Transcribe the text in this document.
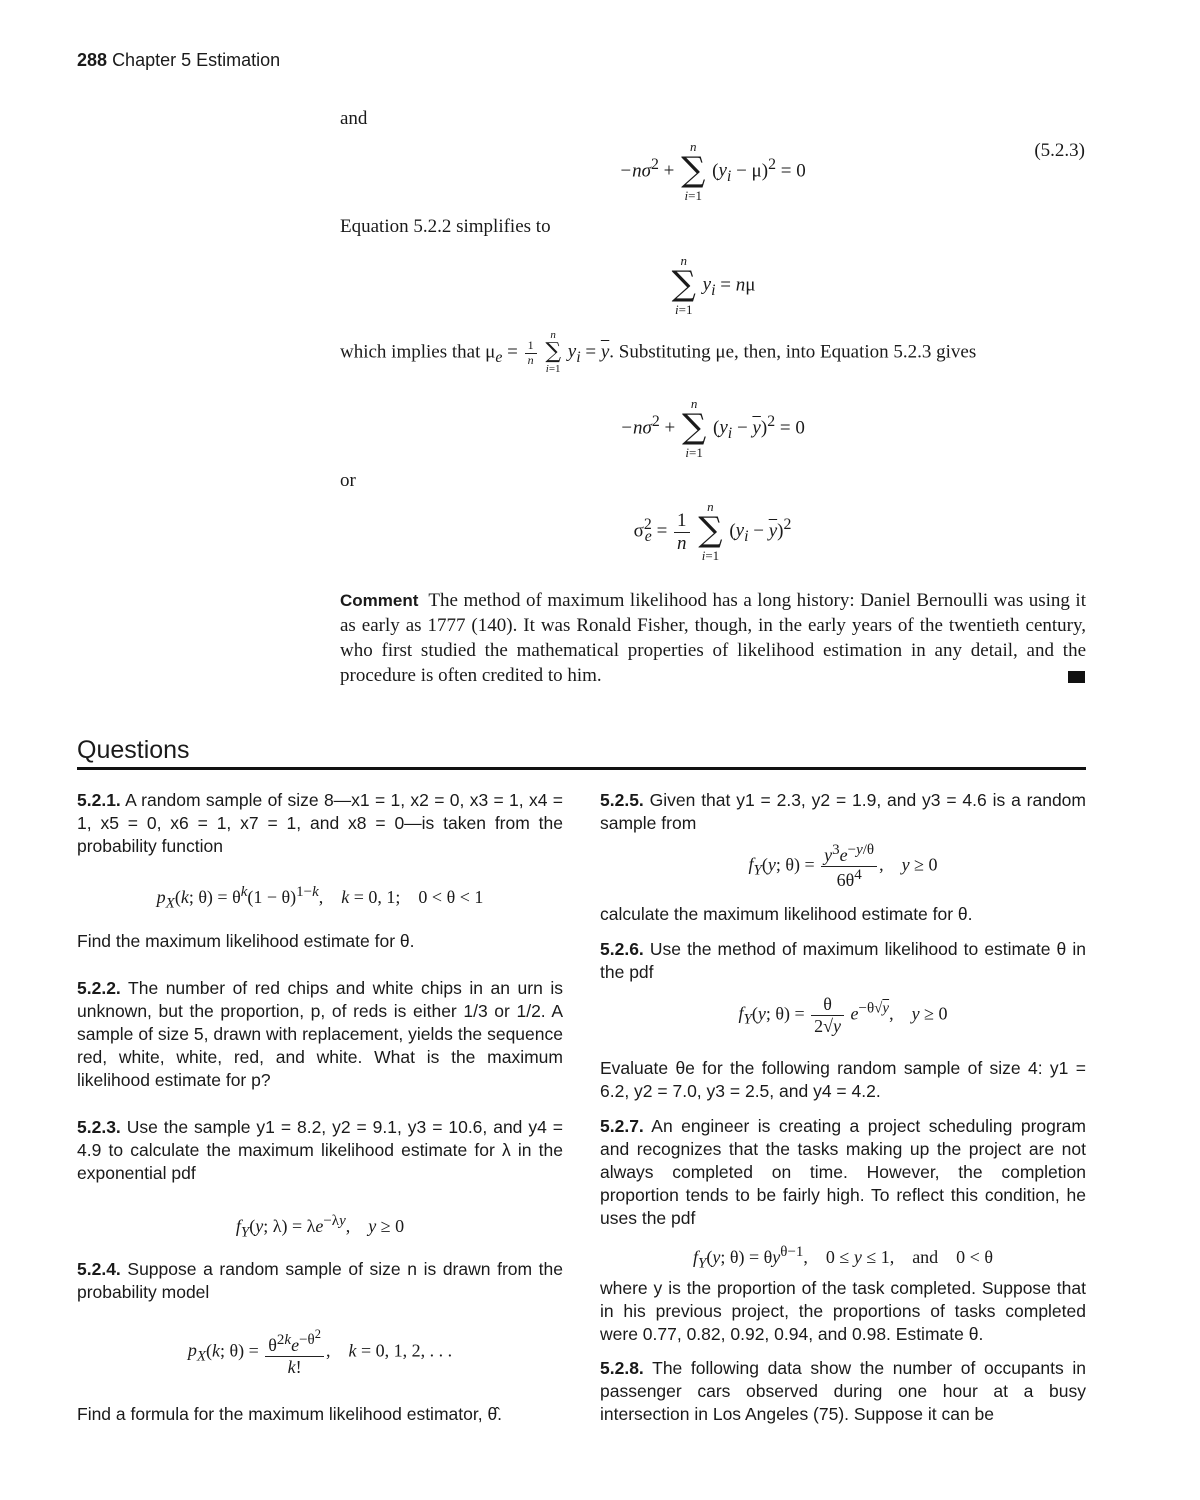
288 Chapter 5 Estimation
and
$-n\sigma^2$ +
n
∑
i=1
$(y_i - \mu)^2 = 0$
(5.2.3)
Equation 5.2.2 simplifies to
n
∑
i=1
$y_i = n\mu$
which implies that $\mu_e = \frac{1}{n}$

n
∑
i=1
$y_i = \overline{y}$. Substituting μe, then, into Equation 5.2.3 gives
$-n\sigma^2$ +
n
∑
i=1
$(y_i - \overline{y})^2 = 0$
or
$\sigma^2_e = \frac{1}{n}$

n
∑
i=1
$(y_i - \overline{y})^2$
Comment The method of maximum likelihood has a long history: Daniel Bernoulli was using it as early as 1777 (140). It was Ronald Fisher, though, in the early years of the twentieth century, who first studied the mathematical properties of likelihood estimation in any detail, and the procedure is often credited to him.
Questions

5.2.1. A random sample of size 8—x1 = 1, x2 = 0, x3 = 1, x4 = 1, x5 = 0, x6 = 1, x7 = 1, and x8 = 0—is taken from the probability function

$p_X(k$; $\theta) = \theta^k(1 - \theta)^{1-k}$,    k = 0, 1;    0 < θ < 1

Find the maximum likelihood estimate for θ.

5.2.2. The number of red chips and white chips in an urn is unknown, but the proportion, p, of reds is either 1/3 or 1/2. A sample of size 5, drawn with replacement, yields the sequence red, white, white, red, and white. What is the maximum likelihood estimate for p?

5.2.3. Use the sample y1 = 8.2, y2 = 9.1, y3 = 10.6, and y4 = 4.9 to calculate the maximum likelihood estimate for λ in the exponential pdf

$f_Y(y$; $\lambda) = \lambda e^{-\lambda y}$,    y ≥ 0

5.2.4. Suppose a random sample of size n is drawn from the probability model

$p_X(k$; $\theta) = \frac{\theta^{2k}e^{-\theta^2}}{k!}$ ,    k = 0, 1, 2, . . .

Find a formula for the maximum likelihood estimator, θ̂.

5.2.5. Given that y1 = 2.3, y2 = 1.9, and y3 = 4.6 is a random sample from

$f_Y(y$; $\theta) = \frac{y^3e^{-y/\theta}}{6\theta^4}$ ,    y ≥ 0

calculate the maximum likelihood estimate for θ.

5.2.6. Use the method of maximum likelihood to estimate θ in the pdf

$f_Y(y$; $\theta) = \frac{\theta}{2√y} e^{-\theta√y}$,    y ≥ 0

Evaluate θe for the following random sample of size 4: y1 = 6.2, y2 = 7.0, y3 = 2.5, and y4 = 4.2.

5.2.7. An engineer is creating a project scheduling program and recognizes that the tasks making up the project are not always completed on time. However, the completion proportion tends to be fairly high. To reflect this condition, he uses the pdf

$f_Y(y$; $\theta) = \theta y^{\theta-1}$,    0 ≤ y ≤ 1,    and    0 < θ

where y is the proportion of the task completed. Suppose that in his previous project, the proportions of tasks completed were 0.77, 0.82, 0.92, 0.94, and 0.98. Estimate θ.

5.2.8. The following data show the number of occupants in passenger cars observed during one hour at a busy intersection in Los Angeles (75). Suppose it can be
